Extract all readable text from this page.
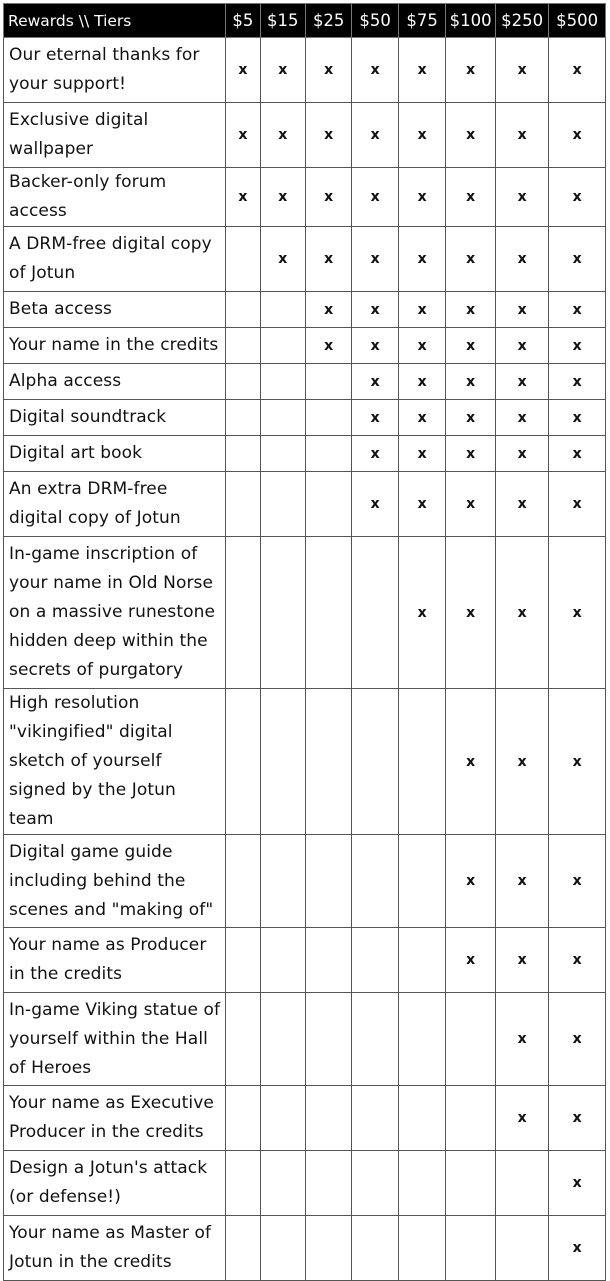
Rewards \\ Tiers	$5	$15	$25	$50	$75	$100	$250	$500
Our eternal thanks for your support!	x	x	x	x	x	x	x	x
Exclusive digital wallpaper	x	x	x	x	x	x	x	x
Backer-only forum access	x	x	x	x	x	x	x	x
A DRM-free digital copy of Jotun		x	x	x	x	x	x	x
Beta access			x	x	x	x	x	x
Your name in the credits			x	x	x	x	x	x
Alpha access				x	x	x	x	x
Digital soundtrack				x	x	x	x	x
Digital art book				x	x	x	x	x
An extra DRM-free digital copy of Jotun				x	x	x	x	x
In-game inscription of your name in Old Norse on a massive runestone hidden deep within the secrets of purgatory					x	x	x	x
High resolution "vikingified" digital sketch of yourself signed by the Jotun team						x	x	x
Digital game guide including behind the scenes and "making of"						x	x	x
Your name as Producer in the credits						x	x	x
In-game Viking statue of yourself within the Hall of Heroes							x	x
Your name as Executive Producer in the credits							x	x
Design a Jotun's attack (or defense!)								x
Your name as Master of Jotun in the credits								x
